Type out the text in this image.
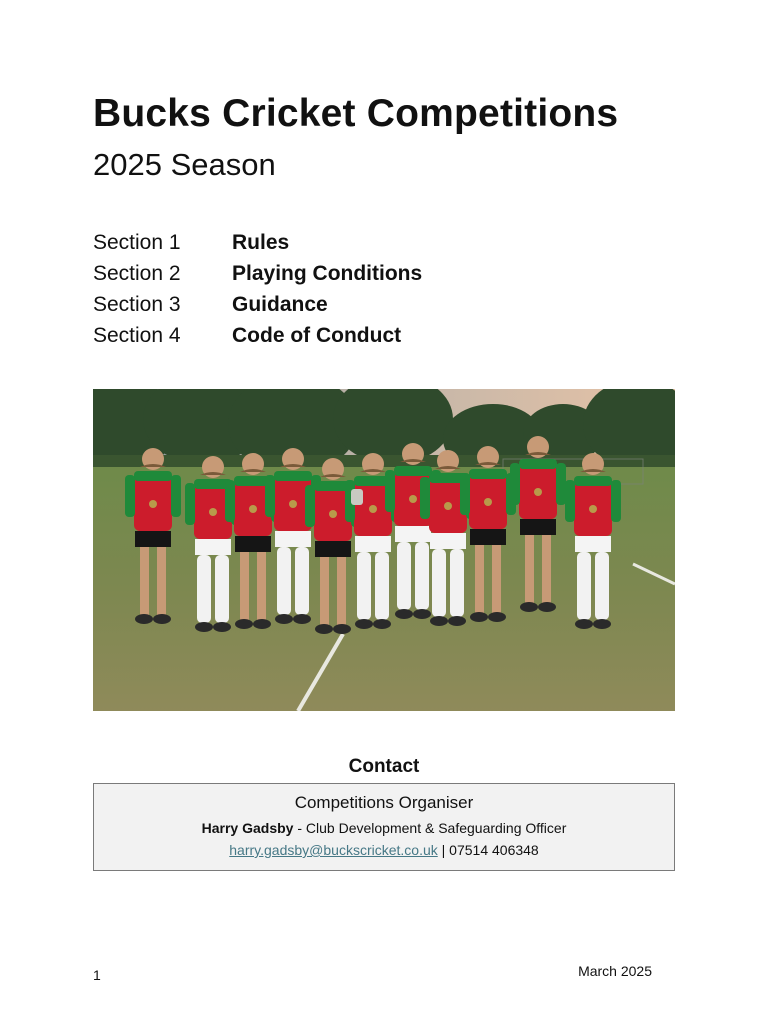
Bucks Cricket Competitions
2025 Season
Section 1	Rules
Section 2	Playing Conditions
Section 3	Guidance
Section 4	Code of Conduct
Contact
Competitions Organiser
Harry Gadsby - Club Development & Safeguarding Officer
harry.gadsby@buckscricket.co.uk | 07514 406348
1	March 2025
